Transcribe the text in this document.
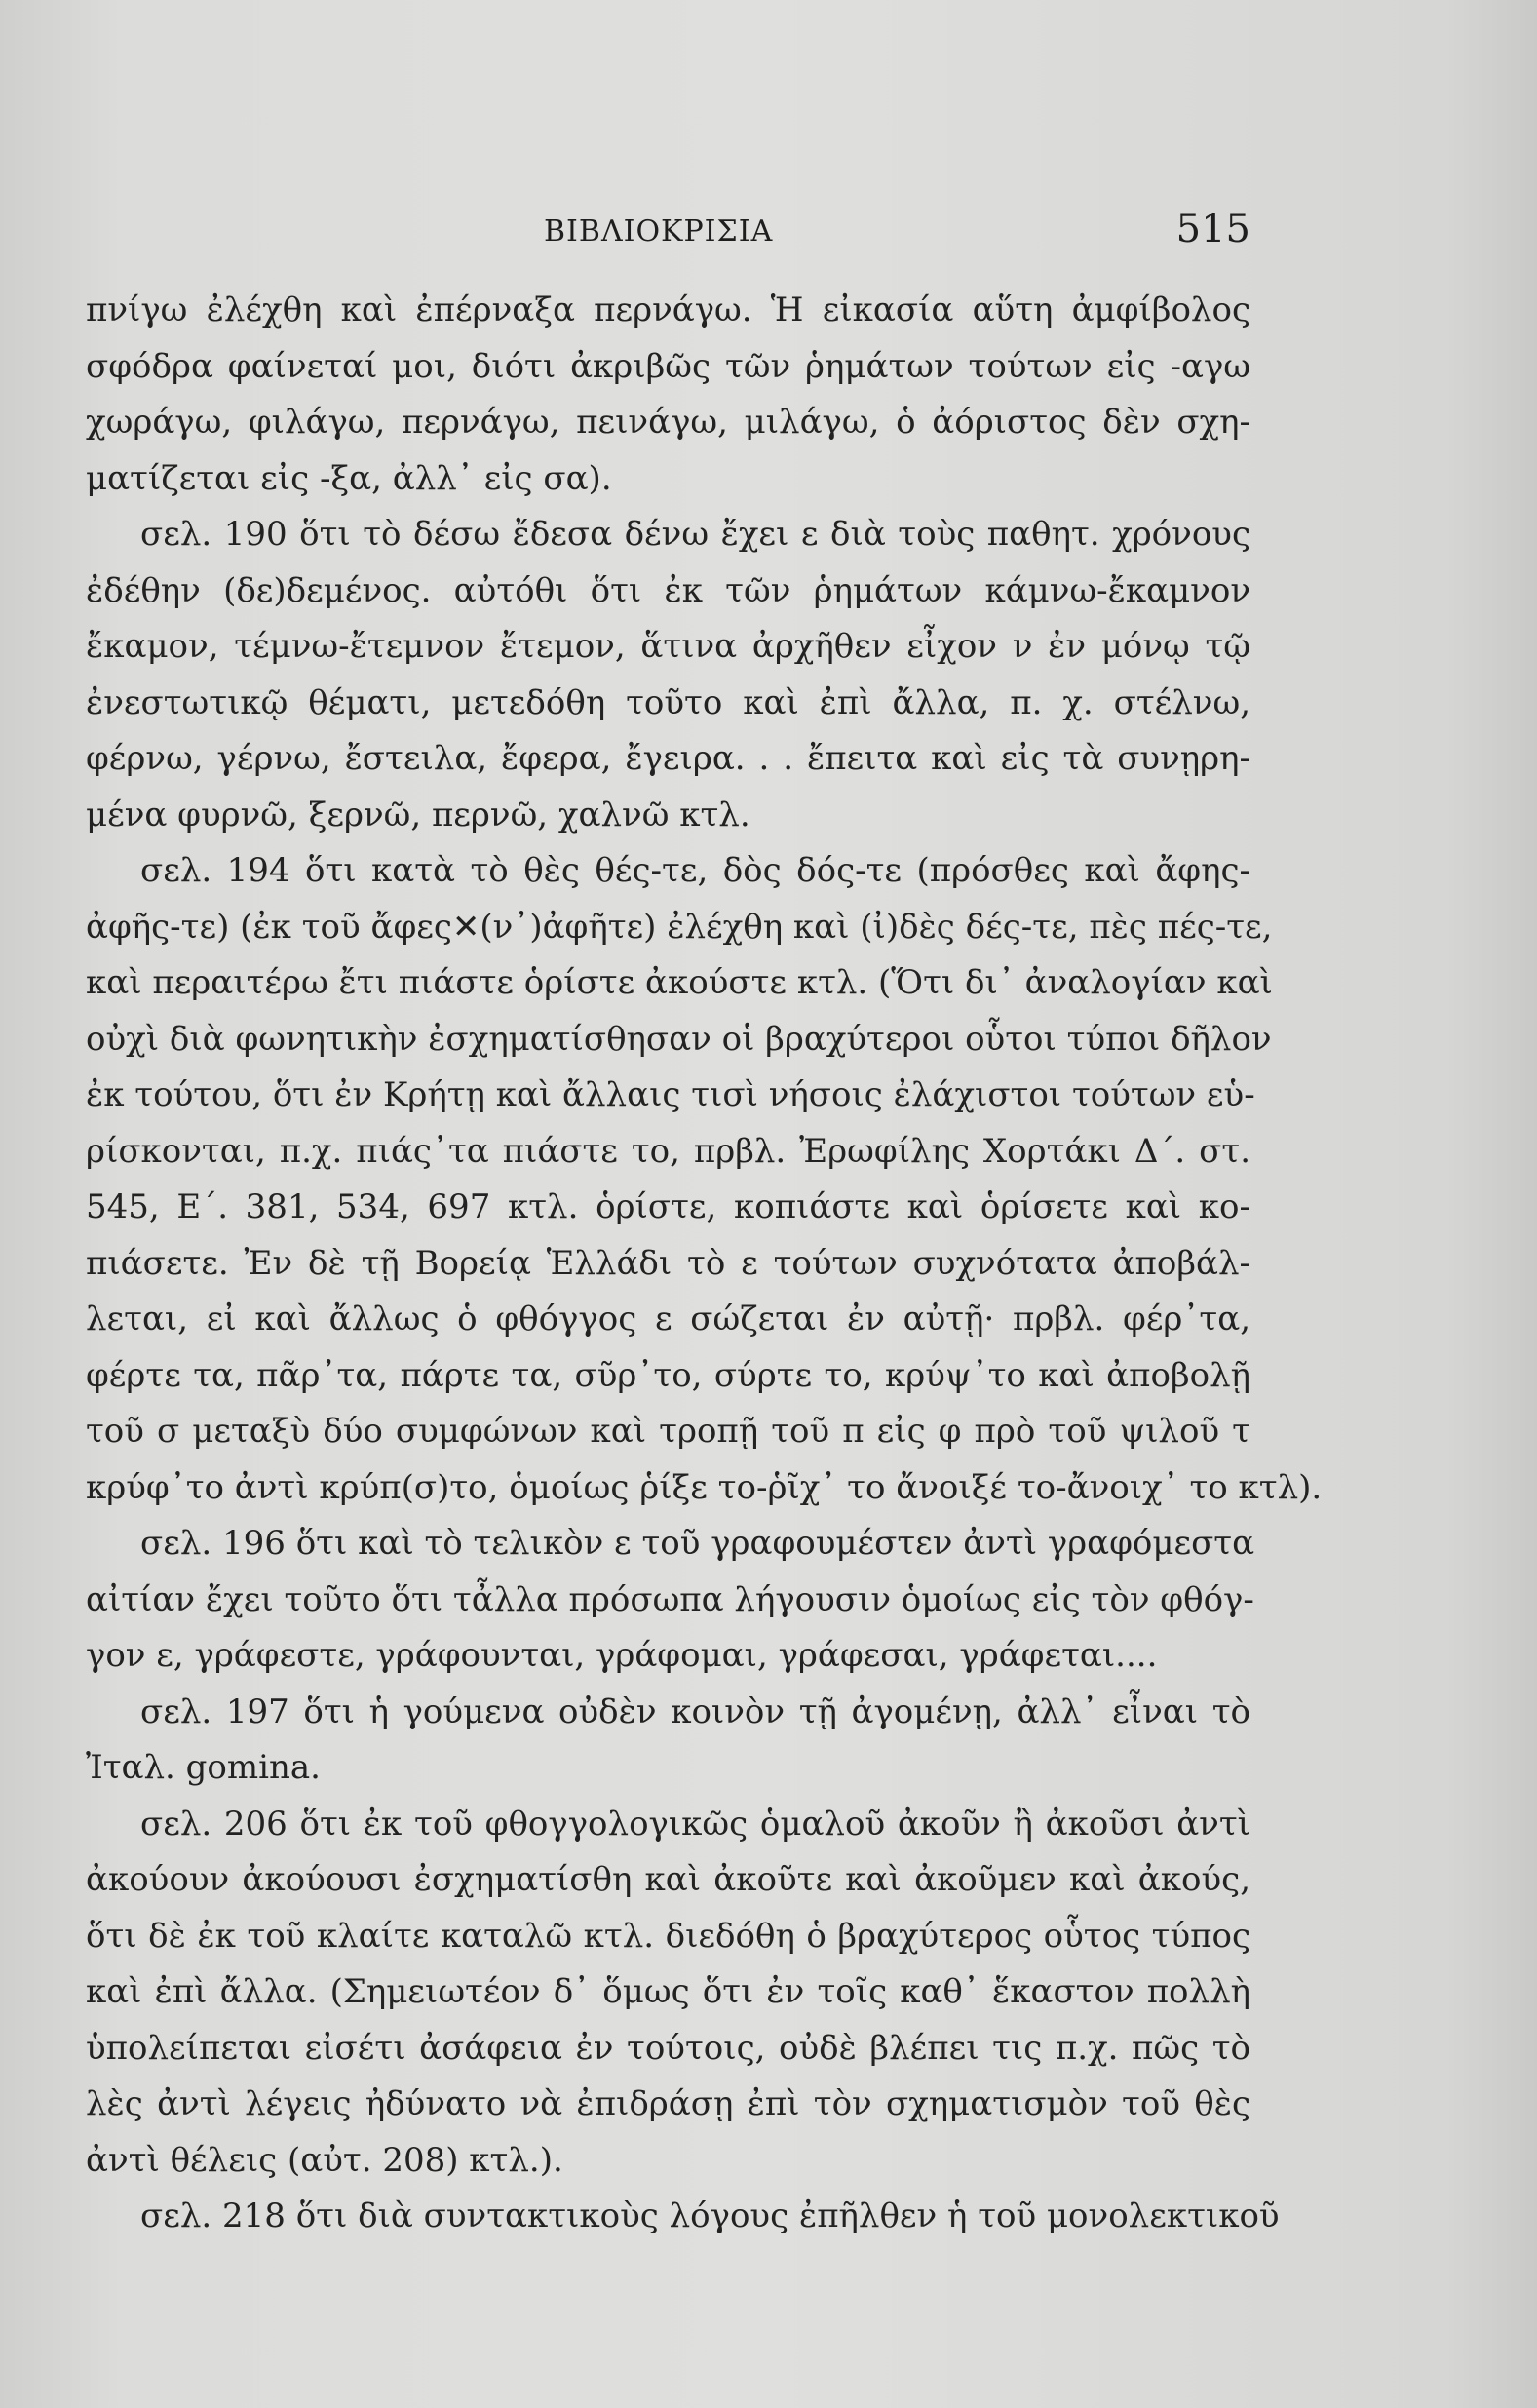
ΒΙΒΛΙΟΚΡΙΣΙΑ	515
πνίγω ἐλέχθη καὶ ἐπέρναξα περνάγω. Ἡ εἰκασία αὕτη ἀμφίβολος
σφόδρα φαίνεταί μοι, διότι ἀκριβῶς τῶν ῥημάτων τούτων εἰς -αγω
χωράγω, φιλάγω, περνάγω, πεινάγω, μιλάγω, ὁ ἀόριστος δὲν σχη-
ματίζεται εἰς -ξα, ἀλλ᾽ εἰς σα).
σελ. 190 ὅτι τὸ δέσω ἔδεσα δένω ἔχει ε διὰ τοὺς παθητ. χρόνους
ἐδέθην (δε)δεμένος. αὐτόθι ὅτι ἐκ τῶν ῥημάτων κάμνω-ἔκαμνον
ἔκαμον, τέμνω-ἔτεμνον ἔτεμον, ἅτινα ἀρχῆθεν εἶχον ν ἐν μόνῳ τῷ
ἐνεστωτικῷ θέματι, μετεδόθη τοῦτο καὶ ἐπὶ ἄλλα, π. χ. στέλνω,
φέρνω, γέρνω, ἔστειλα, ἔφερα, ἔγειρα. . . ἔπειτα καὶ εἰς τὰ συνῃρη-
μένα φυρνῶ, ξερνῶ, περνῶ, χαλνῶ κτλ.
σελ. 194 ὅτι κατὰ τὸ θὲς θές-τε, δὸς δός-τε (πρόσθες καὶ ἄφης-
ἀφῆς-τε) (ἐκ τοῦ ἄφες✕(ν᾽)ἀφῆτε) ἐλέχθη καὶ (ἰ)δὲς δές-τε, πὲς πές-τε,
καὶ περαιτέρω ἔτι πιάστε ὁρίστε ἀκούστε κτλ. (Ὅτι δι᾽ ἀναλογίαν καὶ
οὐχὶ διὰ φωνητικὴν ἐσχηματίσθησαν οἱ βραχύτεροι οὗτοι τύποι δῆλον
ἐκ τούτου, ὅτι ἐν Κρήτῃ καὶ ἄλλαις τισὶ νήσοις ἐλάχιστοι τούτων εὑ-
ρίσκονται, π.χ. πιάς᾽τα πιάστε το, πρβλ. Ἐρωφίλης Χορτάκι Δ΄. στ.
545, Ε΄. 381, 534, 697 κτλ. ὁρίστε, κοπιάστε καὶ ὁρίσετε καὶ κο-
πιάσετε. Ἐν δὲ τῇ Βορείᾳ Ἑλλάδι τὸ ε τούτων συχνότατα ἀποβάλ-
λεται, εἰ καὶ ἄλλως ὁ φθόγγος ε σώζεται ἐν αὐτῇ· πρβλ. φέρ᾽τα,
φέρτε τα, πᾶρ᾽τα, πάρτε τα, σῦρ᾽το, σύρτε το, κρύψ᾽το καὶ ἀποβολῇ
τοῦ σ μεταξὺ δύο συμφώνων καὶ τροπῇ τοῦ π εἰς φ πρὸ τοῦ ψιλοῦ τ
κρύφ᾽το ἀντὶ κρύπ(σ)το, ὁμοίως ῥίξε το-ῥῖχ᾽ το ἄνοιξέ το-ἄνοιχ᾽ το κτλ).
σελ. 196 ὅτι καὶ τὸ τελικὸν ε τοῦ γραφουμέστεν ἀντὶ γραφόμεστα
αἰτίαν ἔχει τοῦτο ὅτι τἆλλα πρόσωπα λήγουσιν ὁμοίως εἰς τὸν φθόγ-
γον ε, γράφεστε, γράφουνται, γράφομαι, γράφεσαι, γράφεται....
σελ. 197 ὅτι ἡ γούμενα οὐδὲν κοινὸν τῇ ἀγομένῃ, ἀλλ᾽ εἶναι τὸ
Ἰταλ. gomina.
σελ. 206 ὅτι ἐκ τοῦ φθογγολογικῶς ὁμαλοῦ ἀκοῦν ἢ ἀκοῦσι ἀντὶ
ἀκούουν ἀκούουσι ἐσχηματίσθη καὶ ἀκοῦτε καὶ ἀκοῦμεν καὶ ἀκούς,
ὅτι δὲ ἐκ τοῦ κλαίτε καταλῶ κτλ. διεδόθη ὁ βραχύτερος οὗτος τύπος
καὶ ἐπὶ ἄλλα. (Σημειωτέον δ᾽ ὅμως ὅτι ἐν τοῖς καθ᾽ ἕκαστον πολλὴ
ὑπολείπεται εἰσέτι ἀσάφεια ἐν τούτοις, οὐδὲ βλέπει τις π.χ. πῶς τὸ
λὲς ἀντὶ λέγεις ἠδύνατο νὰ ἐπιδράσῃ ἐπὶ τὸν σχηματισμὸν τοῦ θὲς
ἀντὶ θέλεις (αὐτ. 208) κτλ.).
σελ. 218 ὅτι διὰ συντακτικοὺς λόγους ἐπῆλθεν ἡ τοῦ μονολεκτικοῦ
